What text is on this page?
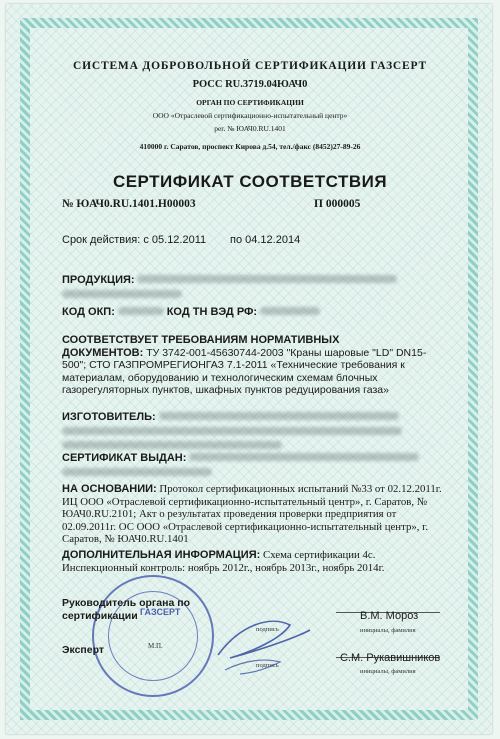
СИСТЕМА ДОБРОВОЛЬНОЙ СЕРТИФИКАЦИИ ГАЗСЕРТ
РОСС RU.3719.04ЮАЧ0
ОРГАН ПО СЕРТИФИКАЦИИ
ООО «Отраслевой сертификационно-испытательный центр»
рег. № ЮАЧ0.RU.1401
410000 г. Саратов, проспект Кирова д.54, тел./факс (8452)27-89-26
СЕРТИФИКАТ СООТВЕТСТВИЯ
№ ЮАЧ0.RU.1401.Н00003	П 000005
Срок действия: с 05.12.2011 по 04.12.2014
ПРОДУКЦИЯ:

КОД ОКП:	КОД ТН ВЭД РФ:
СООТВЕТСТВУЕТ ТРЕБОВАНИЯМ НОРМАТИВНЫХ
ДОКУМЕНТОВ: ТУ 3742-001-45630744-2003 "Краны шаровые "LD" DN15-500"; СТО ГАЗПРОМРЕГИОНГАЗ 7.1-2011 «Технические требования к материалам, оборудованию и технологическим схемам блочных газорегуляторных пунктов, шкафных пунктов редуцирования газа»
ИЗГОТОВИТЕЛЬ:

СЕРТИФИКАТ ВЫДАН:

НА ОСНОВАНИИ: Протокол сертификационных испытаний №33 от 02.12.2011г. ИЦ ООО «Отраслевой сертификационно-испытательный центр», г. Саратов, № ЮАЧ0.RU.2101; Акт о результатах проведения проверки предприятия от 02.09.2011г. ОС ООО «Отраслевой сертификационно-испытательный центр», г. Саратов, № ЮАЧ0.RU.1401
ДОПОЛНИТЕЛЬНАЯ ИНФОРМАЦИЯ: Схема сертификации 4с. Инспекционный контроль: ноябрь 2012г., ноябрь 2013г., ноябрь 2014г.
ГАЗСЕРТ
М.П.
Руководитель органа по
сертификации
Эксперт
подпись
подпись
В.М. Мороз
инициалы, фамилия
С.М. Рукавишников
инициалы, фамилия
